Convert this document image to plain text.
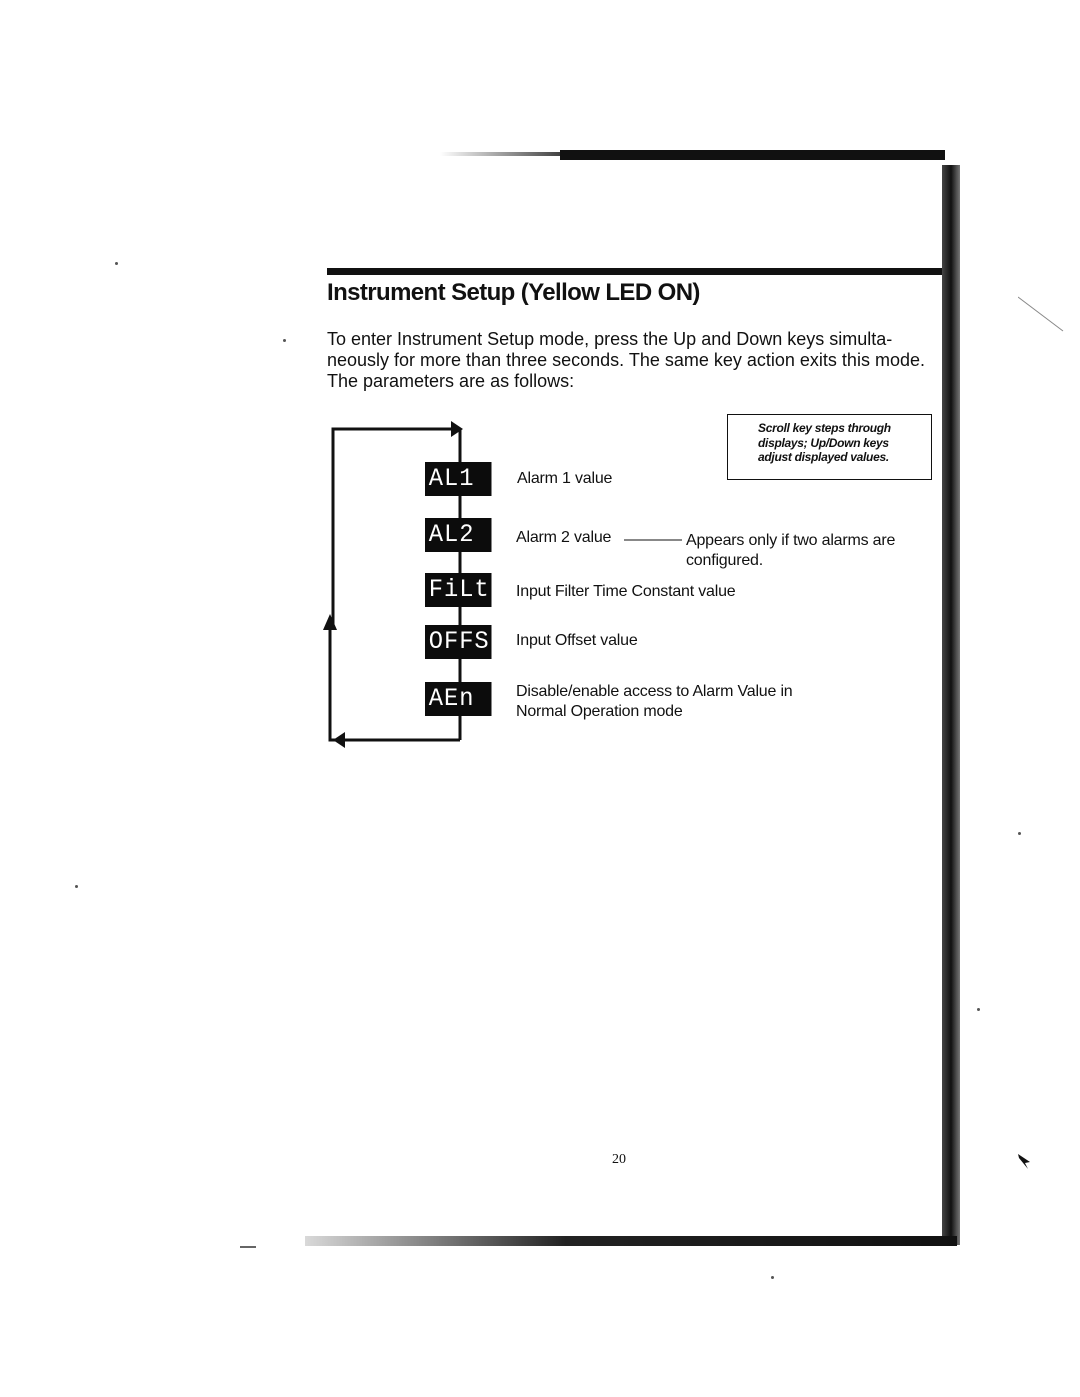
Instrument Setup (Yellow LED ON)
To enter Instrument Setup mode, press the Up and Down keys simulta-
neously for more than three seconds. The same key action exits this mode.
The parameters are as follows:
Scroll key steps through
displays; Up/Down keys
adjust displayed values.
AL1
AL2
FiLt
OFFS
AEn
Alarm 1 value
Alarm 2 value	Appears only if two alarms are
configured.
Input Filter Time Constant value
Input Offset value
Disable/enable access to Alarm Value in
Normal Operation mode
20
